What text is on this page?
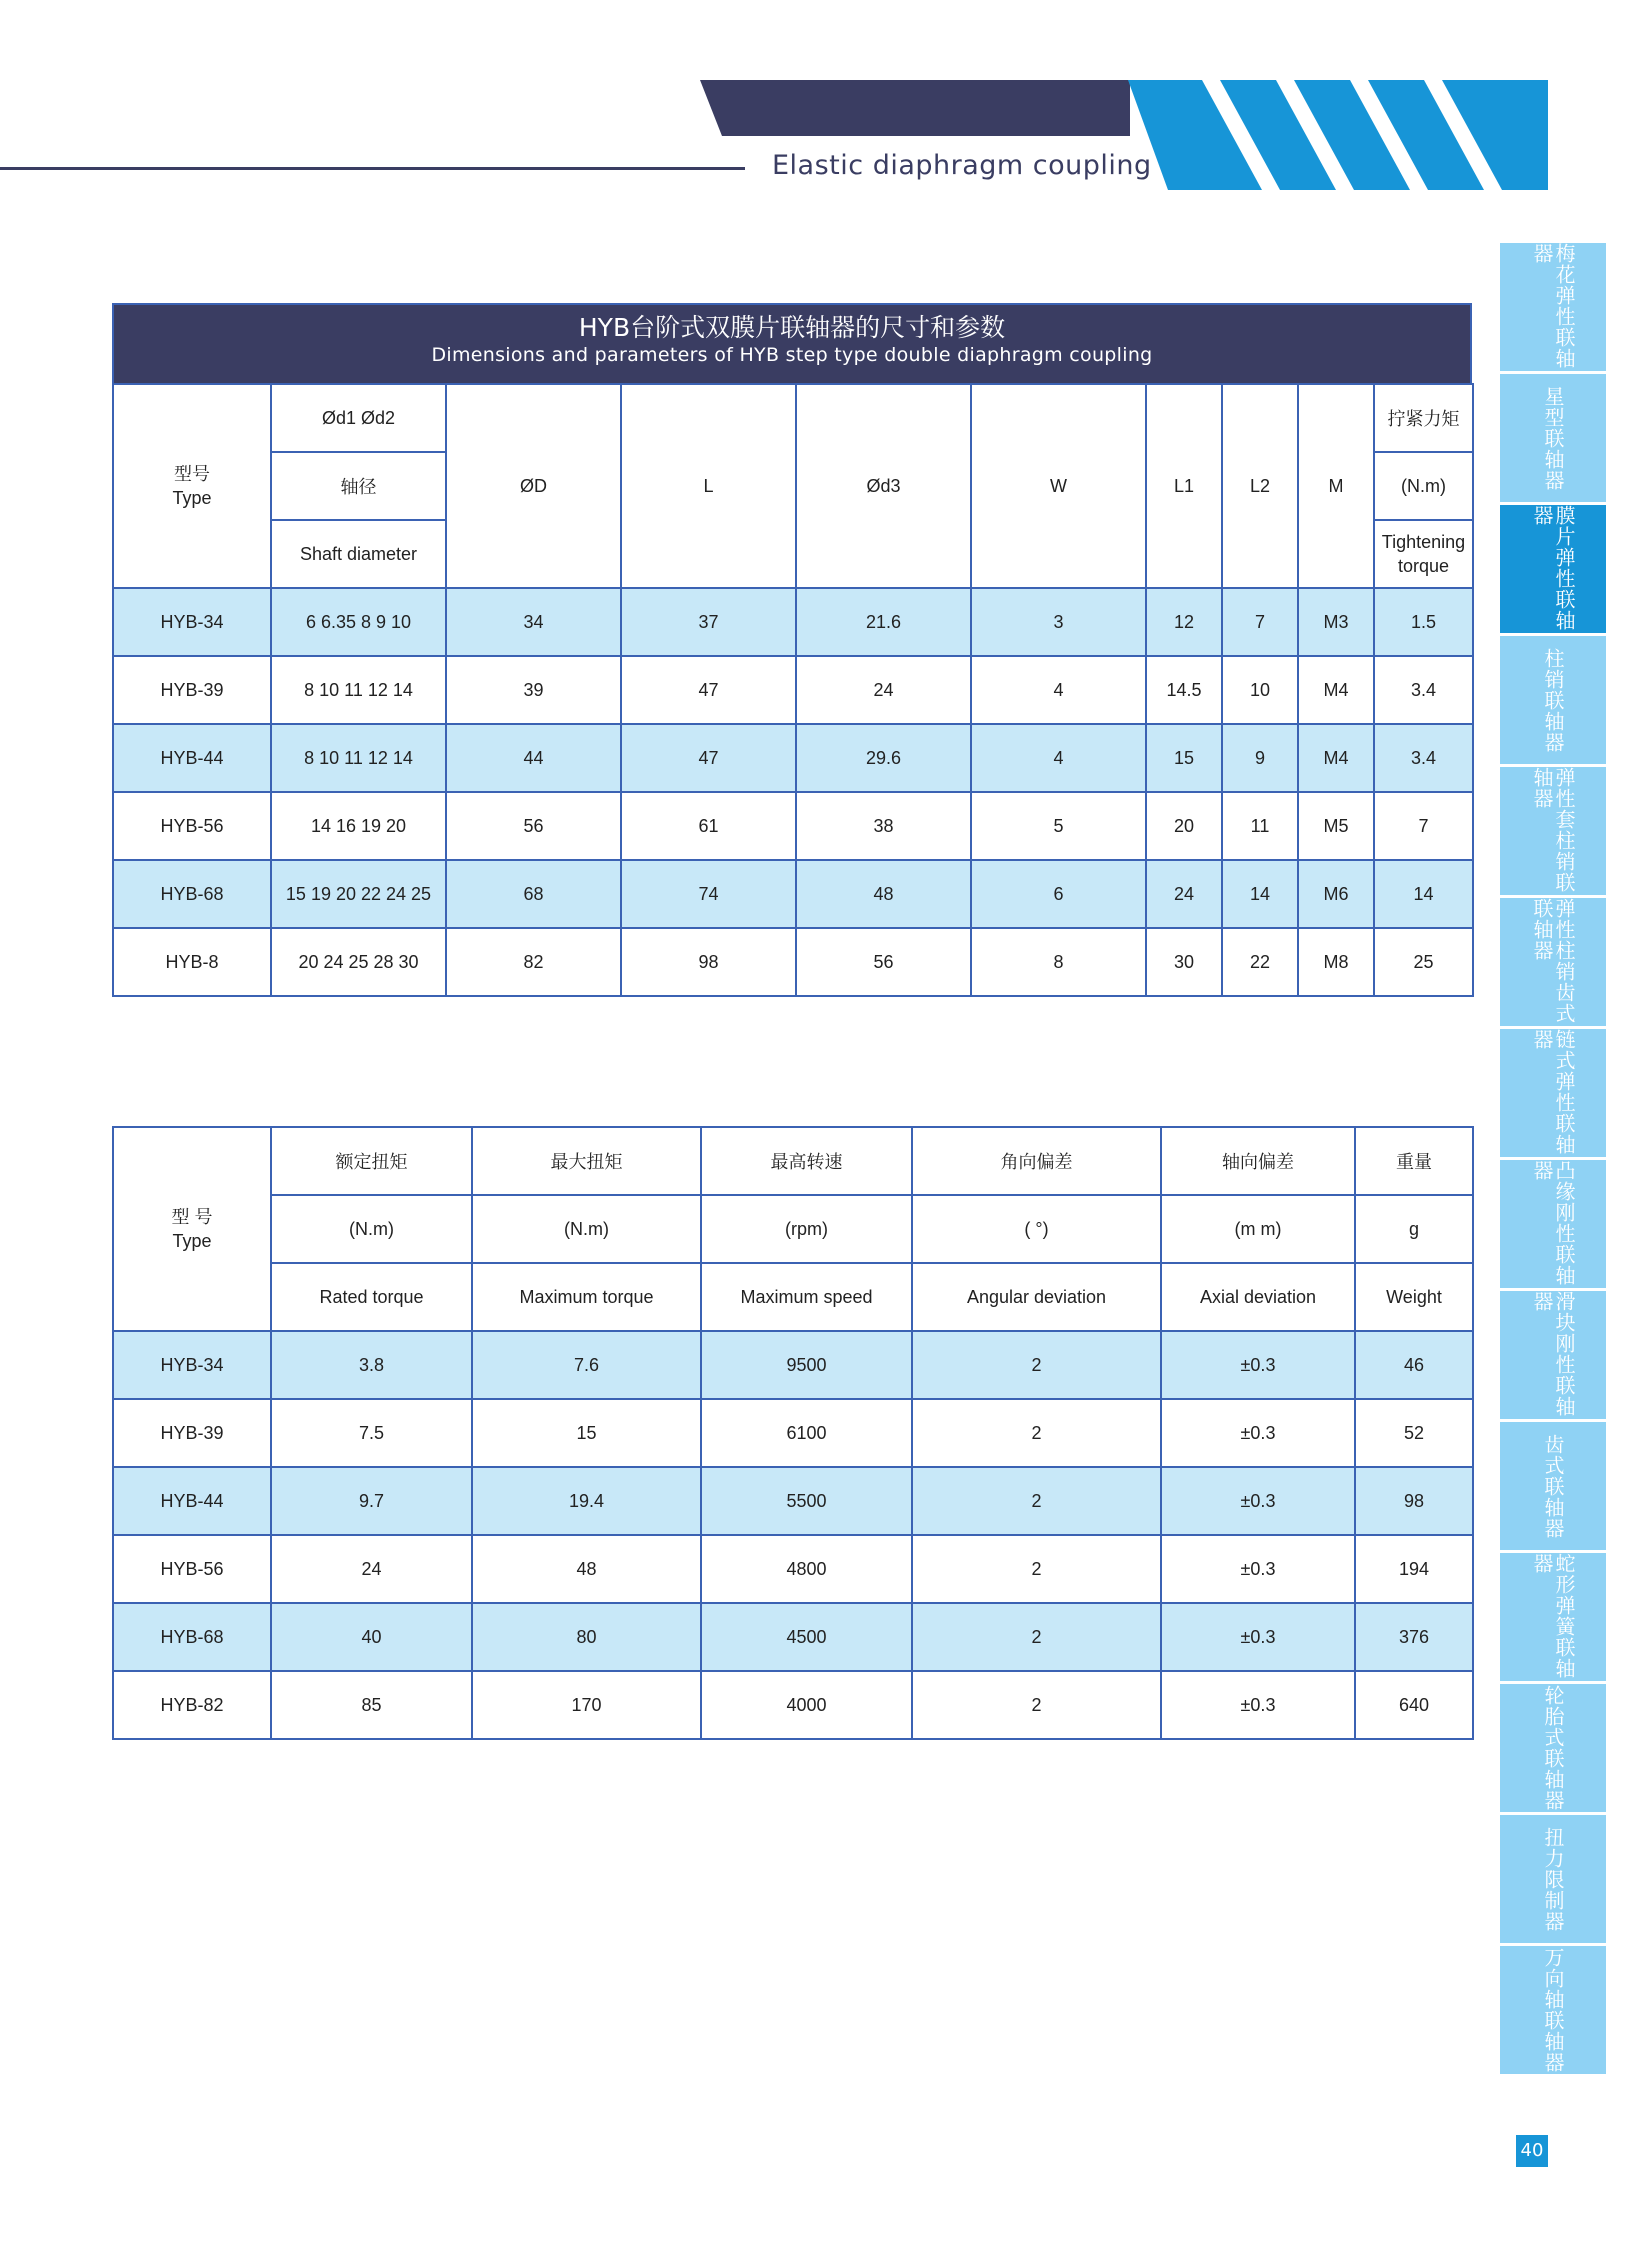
Elastic diaphragm coupling
梅花弹性联轴器
星型联轴器
膜片弹性联轴器
柱销联轴器
弹性套柱销联轴器
弹性柱销齿式联轴器
链式弹性联轴器
凸缘刚性联轴器
滑块刚性联轴器
齿式联轴器
蛇形弹簧联轴器
轮胎式联轴器
扭力限制器
万向轴联轴器
HYB台阶式双膜片联轴器的尺寸和参数
Dimensions and parameters of HYB step type double diaphragm coupling
型号
Type	Ød1 Ød2	ØD	L	Ød3	W	L1	L2	M	拧紧力矩
	轴径								(N.m)
	Shaft diameter								Tightening torque
HYB-34	6 6.35 8 9 10	34	37	21.6	3	12	7	M3	1.5
HYB-39	8 10 11 12 14	39	47	24	4	14.5	10	M4	3.4
HYB-44	8 10 11 12 14	44	47	29.6	4	15	9	M4	3.4
HYB-56	14 16 19 20	56	61	38	5	20	11	M5	7
HYB-68	15 19 20 22 24 25	68	74	48	6	24	14	M6	14
HYB-8	20 24 25 28 30	82	98	56	8	30	22	M8	25
型 号
Type	额定扭矩	最大扭矩	最高转速	角向偏差	轴向偏差	重量
	(N.m)	(N.m)	(rpm)	( °)	(m m)	g
	Rated torque	Maximum torque	Maximum speed	Angular deviation	Axial deviation	Weight
HYB-34	3.8	7.6	9500	2	±0.3	46
HYB-39	7.5	15	6100	2	±0.3	52
HYB-44	9.7	19.4	5500	2	±0.3	98
HYB-56	24	48	4800	2	±0.3	194
HYB-68	40	80	4500	2	±0.3	376
HYB-82	85	170	4000	2	±0.3	640
40
